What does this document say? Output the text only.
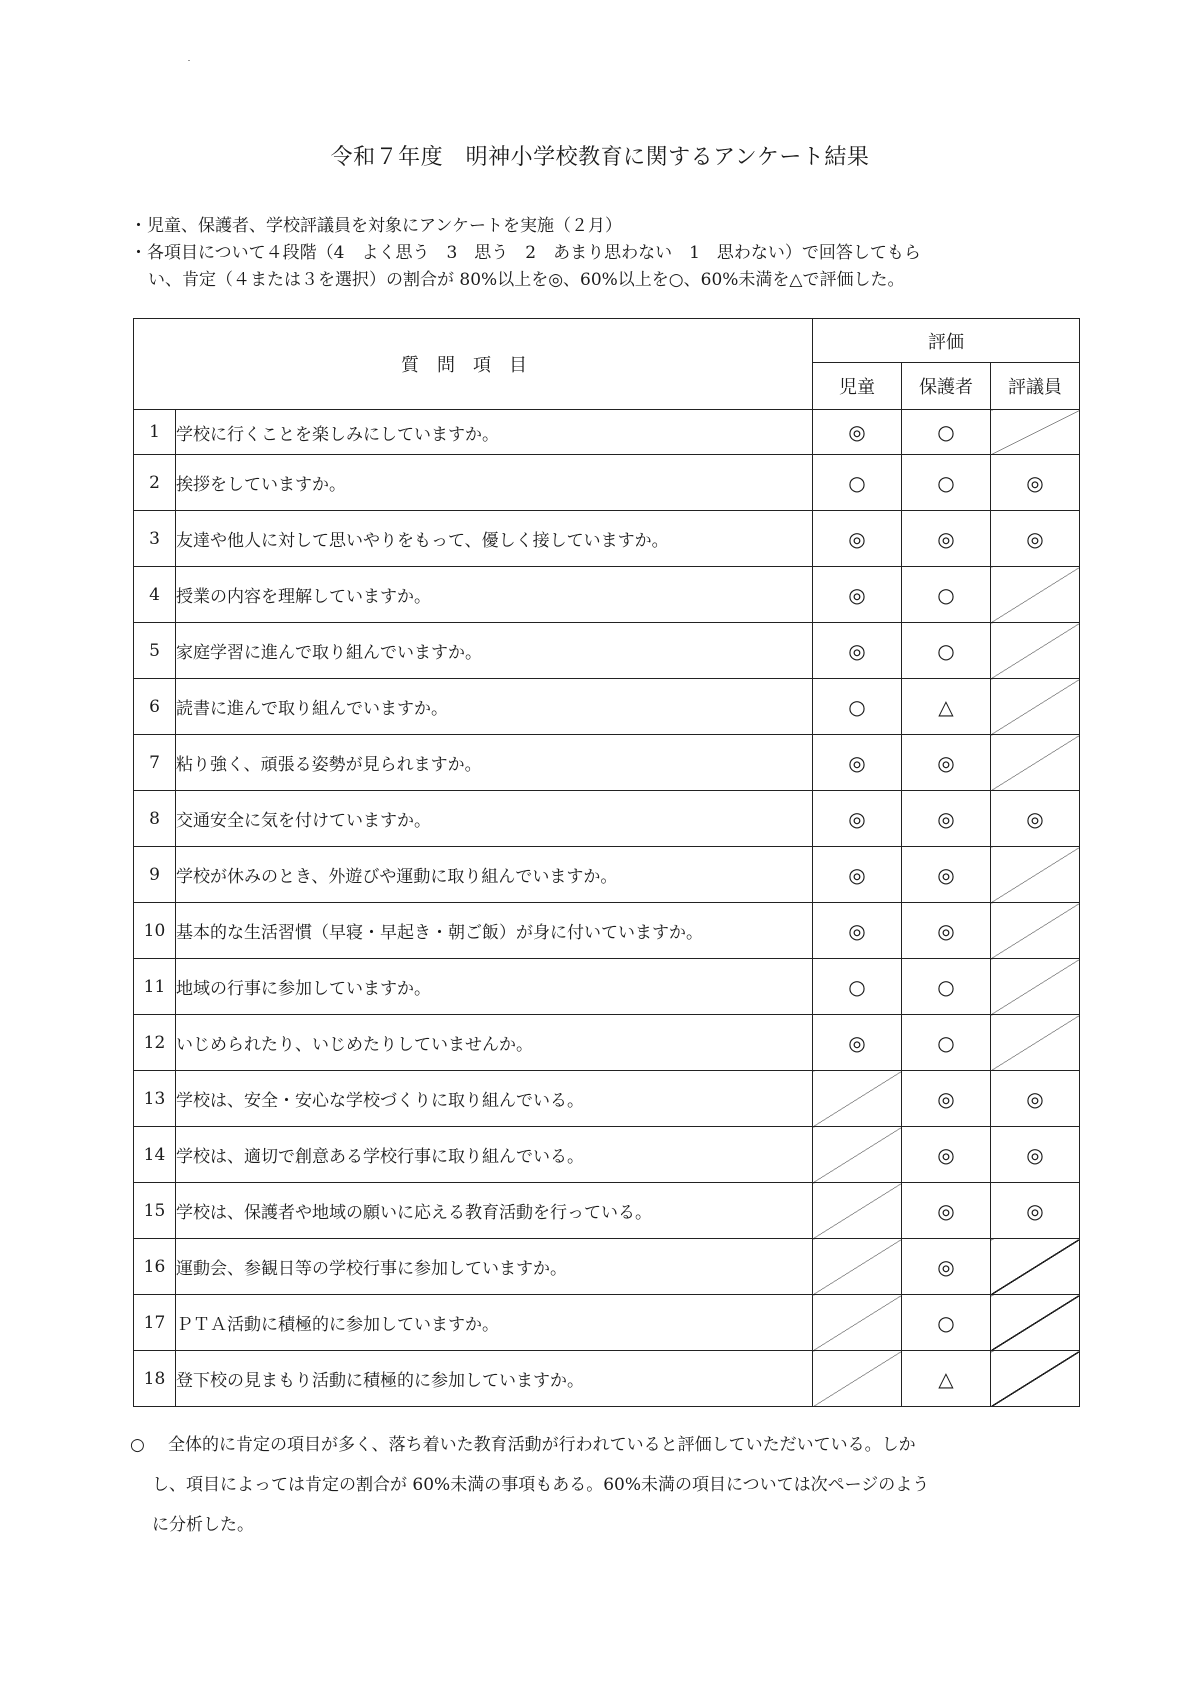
令和７年度　明神小学校教育に関するアンケート結果
・児童、保護者、学校評議員を対象にアンケートを実施（２月）
・各項目について４段階（4　よく思う　3　思う　2　あまり思わない　1　思わない）で回答してもら
い、肯定（４または３を選択）の割合が 80%以上を◎、60%以上を○、60%未満を△で評価した。
質問項目		評価		
		児童	保護者	評議員
1	学校に行くことを楽しみにしていますか。	◎	○	
2	挨拶をしていますか。	○	○	◎
3	友達や他人に対して思いやりをもって、優しく接していますか。	◎	◎	◎
4	授業の内容を理解していますか。	◎	○	
5	家庭学習に進んで取り組んでいますか。	◎	○	
6	読書に進んで取り組んでいますか。	○	△	
7	粘り強く、頑張る姿勢が見られますか。	◎	◎	
8	交通安全に気を付けていますか。	◎	◎	◎
9	学校が休みのとき、外遊びや運動に取り組んでいますか。	◎	◎	
10	基本的な生活習慣（早寝・早起き・朝ご飯）が身に付いていますか。	◎	◎	
11	地域の行事に参加していますか。	○	○	
12	いじめられたり、いじめたりしていませんか。	◎	○	
13	学校は、安全・安心な学校づくりに取り組んでいる。		◎	◎
14	学校は、適切で創意ある学校行事に取り組んでいる。		◎	◎
15	学校は、保護者や地域の願いに応える教育活動を行っている。		◎	◎
16	運動会、参観日等の学校行事に参加していますか。		◎	
17	ＰＴＡ活動に積極的に参加していますか。		○	
18	登下校の見まもり活動に積極的に参加していますか。		△	
○ 全体的に肯定の項目が多く、落ち着いた教育活動が行われていると評価していただいている。しか
し、項目によっては肯定の割合が 60%未満の事項もある。60%未満の項目については次ページのよう
に分析した。
